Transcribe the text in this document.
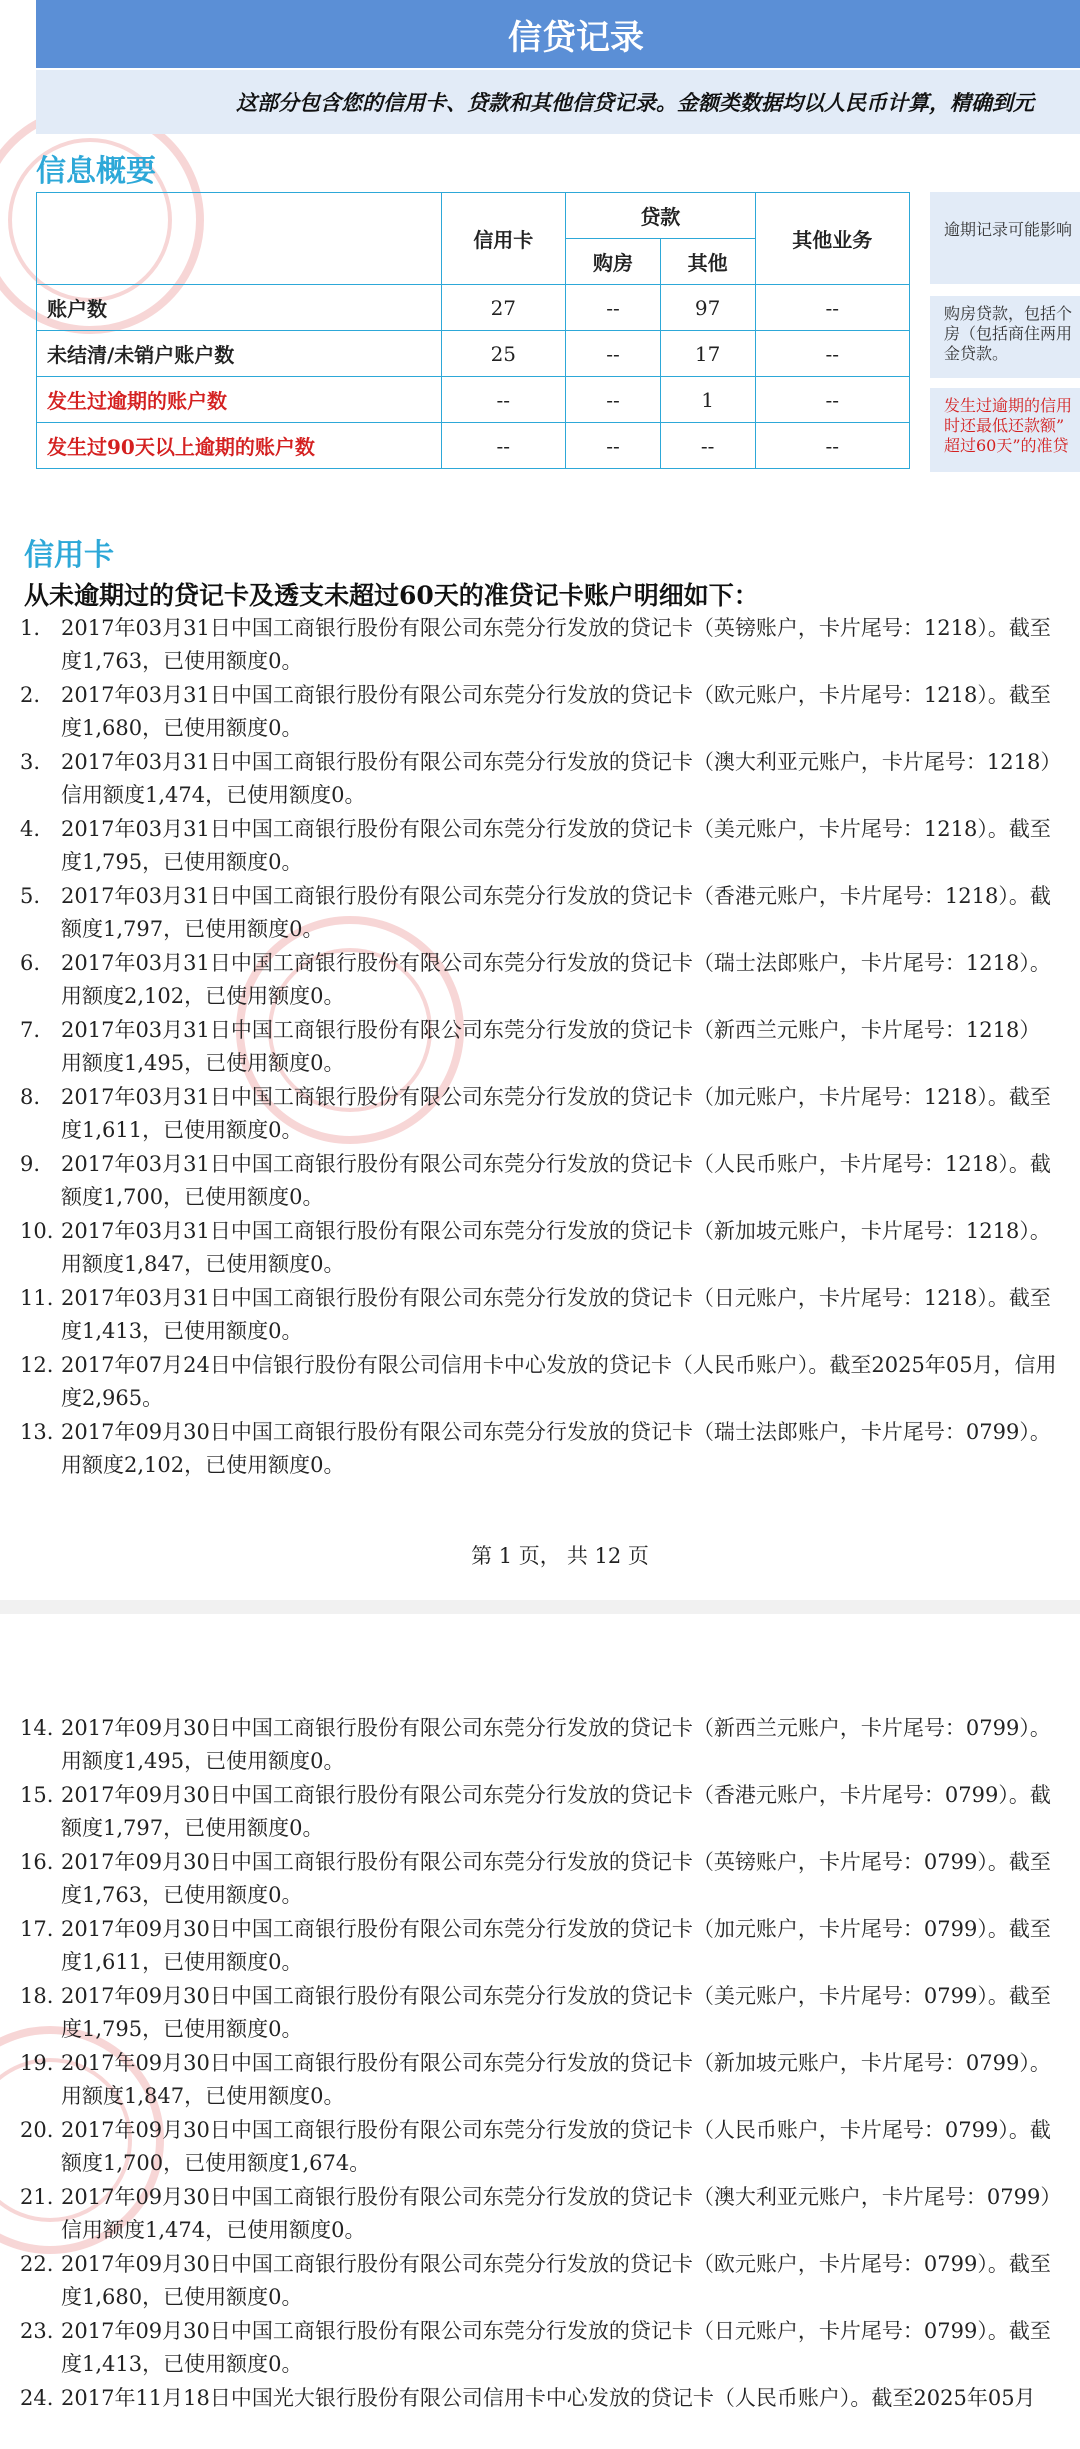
信贷记录
这部分包含您的信用卡、贷款和其他信贷记录。金额类数据均以人民币计算，精确到元
信息概要
	信用卡	贷款		其他业务
		购房	其他	
账户数	27	--	97	--
未结清/未销户账户数	25	--	17	--
发生过逾期的账户数	--	--	1	--
发生过90天以上逾期的账户数	--	--	--	--
逾期记录可能影响
购房贷款，包括个
房（包括商住两用
金贷款。
发生过逾期的信用
时还最低还款额”
超过60天”的准贷
信用卡
从未逾期过的贷记卡及透支未超过60天的准贷记卡账户明细如下：
1. 2017年03月31日中国工商银行股份有限公司东莞分行发放的贷记卡（英镑账户，卡片尾号：1218）。截至
度1,763，已使用额度0。
2. 2017年03月31日中国工商银行股份有限公司东莞分行发放的贷记卡（欧元账户，卡片尾号：1218）。截至
度1,680，已使用额度0。
3. 2017年03月31日中国工商银行股份有限公司东莞分行发放的贷记卡（澳大利亚元账户，卡片尾号：1218）
信用额度1,474，已使用额度0。
4. 2017年03月31日中国工商银行股份有限公司东莞分行发放的贷记卡（美元账户，卡片尾号：1218）。截至
度1,795，已使用额度0。
5. 2017年03月31日中国工商银行股份有限公司东莞分行发放的贷记卡（香港元账户，卡片尾号：1218）。截
额度1,797，已使用额度0。
6. 2017年03月31日中国工商银行股份有限公司东莞分行发放的贷记卡（瑞士法郎账户，卡片尾号：1218）。
用额度2,102，已使用额度0。
7. 2017年03月31日中国工商银行股份有限公司东莞分行发放的贷记卡（新西兰元账户，卡片尾号：1218）
用额度1,495，已使用额度0。
8. 2017年03月31日中国工商银行股份有限公司东莞分行发放的贷记卡（加元账户，卡片尾号：1218）。截至
度1,611，已使用额度0。
9. 2017年03月31日中国工商银行股份有限公司东莞分行发放的贷记卡（人民币账户，卡片尾号：1218）。截
额度1,700，已使用额度0。
10. 2017年03月31日中国工商银行股份有限公司东莞分行发放的贷记卡（新加坡元账户，卡片尾号：1218）。
用额度1,847，已使用额度0。
11. 2017年03月31日中国工商银行股份有限公司东莞分行发放的贷记卡（日元账户，卡片尾号：1218）。截至
度1,413，已使用额度0。
12. 2017年07月24日中信银行股份有限公司信用卡中心发放的贷记卡（人民币账户）。截至2025年05月，信用
度2,965。
13. 2017年09月30日中国工商银行股份有限公司东莞分行发放的贷记卡（瑞士法郎账户，卡片尾号：0799）。
用额度2,102，已使用额度0。
第 1 页， 共 12 页
14. 2017年09月30日中国工商银行股份有限公司东莞分行发放的贷记卡（新西兰元账户，卡片尾号：0799）。
用额度1,495，已使用额度0。
15. 2017年09月30日中国工商银行股份有限公司东莞分行发放的贷记卡（香港元账户，卡片尾号：0799）。截
额度1,797，已使用额度0。
16. 2017年09月30日中国工商银行股份有限公司东莞分行发放的贷记卡（英镑账户，卡片尾号：0799）。截至
度1,763，已使用额度0。
17. 2017年09月30日中国工商银行股份有限公司东莞分行发放的贷记卡（加元账户，卡片尾号：0799）。截至
度1,611，已使用额度0。
18. 2017年09月30日中国工商银行股份有限公司东莞分行发放的贷记卡（美元账户，卡片尾号：0799）。截至
度1,795，已使用额度0。
19. 2017年09月30日中国工商银行股份有限公司东莞分行发放的贷记卡（新加坡元账户，卡片尾号：0799）。
用额度1,847，已使用额度0。
20. 2017年09月30日中国工商银行股份有限公司东莞分行发放的贷记卡（人民币账户，卡片尾号：0799）。截
额度1,700，已使用额度1,674。
21. 2017年09月30日中国工商银行股份有限公司东莞分行发放的贷记卡（澳大利亚元账户，卡片尾号：0799）
信用额度1,474，已使用额度0。
22. 2017年09月30日中国工商银行股份有限公司东莞分行发放的贷记卡（欧元账户，卡片尾号：0799）。截至
度1,680，已使用额度0。
23. 2017年09月30日中国工商银行股份有限公司东莞分行发放的贷记卡（日元账户，卡片尾号：0799）。截至
度1,413，已使用额度0。
24. 2017年11月18日中国光大银行股份有限公司信用卡中心发放的贷记卡（人民币账户）。截至2025年05月
